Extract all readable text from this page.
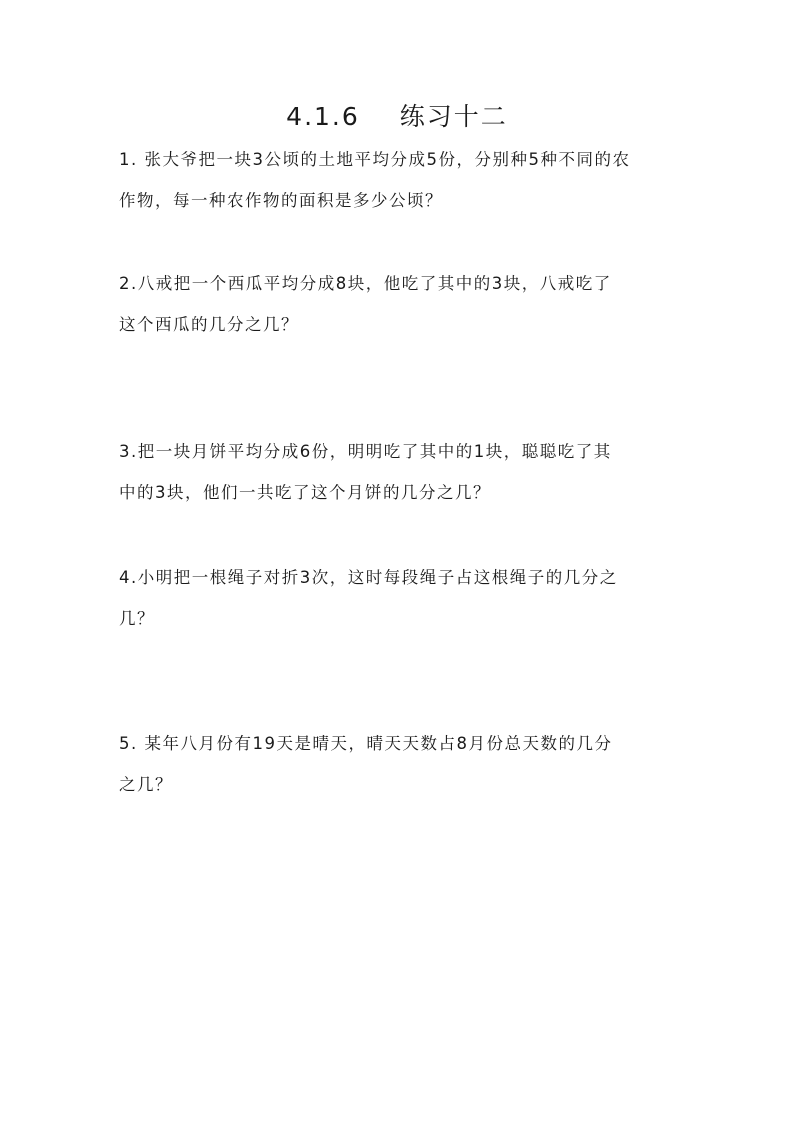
4.1.6 练习十二
1. 张大爷把一块3公顷的土地平均分成5份，分别种5种不同的农
作物，每一种农作物的面积是多少公顷？
2.八戒把一个西瓜平均分成8块，他吃了其中的3块，八戒吃了
这个西瓜的几分之几？
3.把一块月饼平均分成6份，明明吃了其中的1块，聪聪吃了其
中的3块，他们一共吃了这个月饼的几分之几？
4.小明把一根绳子对折3次，这时每段绳子占这根绳子的几分之
几？
5. 某年八月份有19天是晴天，晴天天数占8月份总天数的几分
之几？
